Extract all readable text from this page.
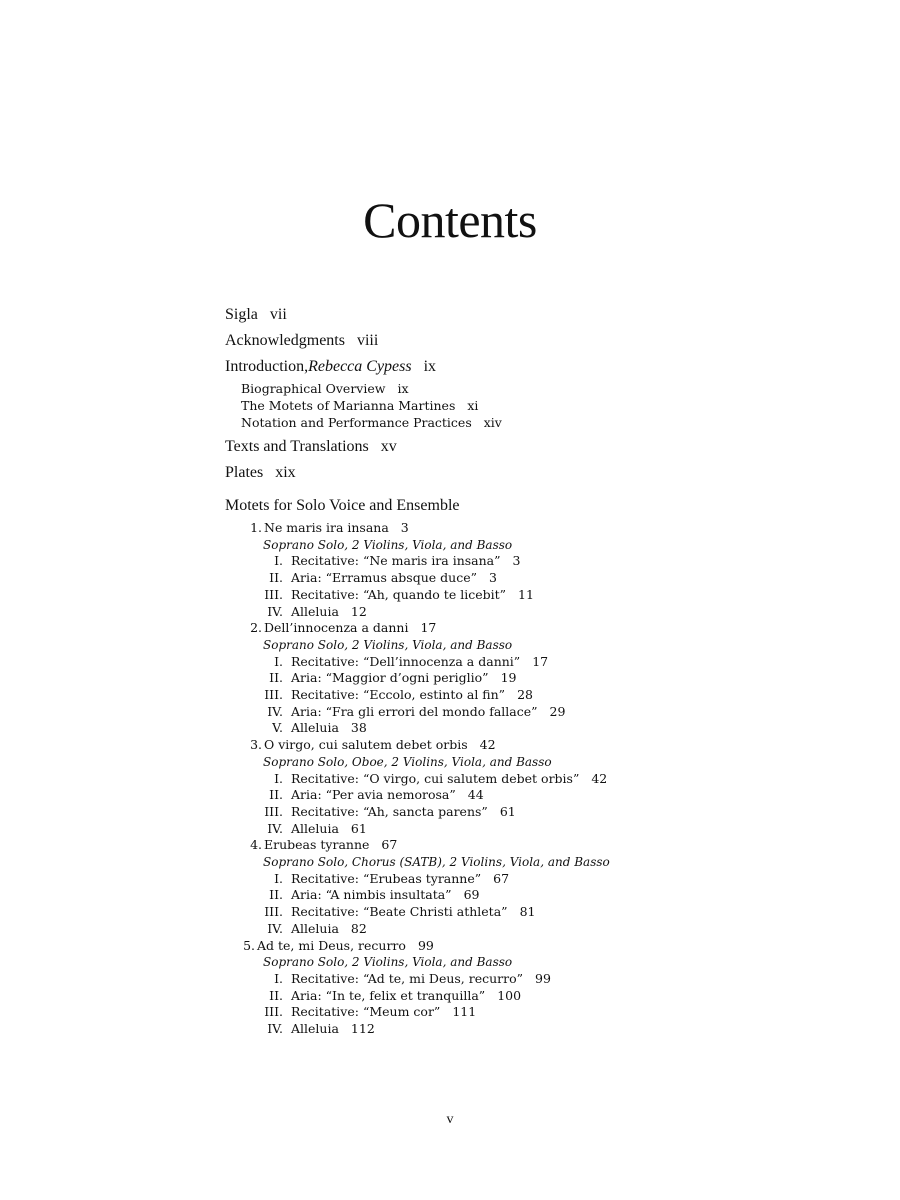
Contents
Sigla vii
Acknowledgments viii
Introduction,Rebecca Cypess ix
Biographical Overview ix
The Motets of Marianna Martines xi
Notation and Performance Practices xiv
Texts and Translations xv
Plates xix
Motets for Solo Voice and Ensemble
1. Ne maris ira insana 3
Soprano Solo, 2 Violins, Viola, and Basso
I. Recitative: “Ne maris ira insana” 3
II. Aria: “Erramus absque duce” 3
III. Recitative: “Ah, quando te licebit” 11
IV. Alleluia 12
2. Dell’innocenza a danni 17
Soprano Solo, 2 Violins, Viola, and Basso
I. Recitative: “Dell’innocenza a danni” 17
II. Aria: “Maggior d’ogni periglio” 19
III. Recitative: “Eccolo, estinto al fin” 28
IV. Aria: “Fra gli errori del mondo fallace” 29
V. Alleluia 38
3. O virgo, cui salutem debet orbis 42
Soprano Solo, Oboe, 2 Violins, Viola, and Basso
I. Recitative: “O virgo, cui salutem debet orbis” 42
II. Aria: “Per avia nemorosa” 44
III. Recitative: “Ah, sancta parens” 61
IV. Alleluia 61
4. Erubeas tyranne 67
Soprano Solo, Chorus (SATB), 2 Violins, Viola, and Basso
I. Recitative: “Erubeas tyranne” 67
II. Aria: “A nimbis insultata” 69
III. Recitative: “Beate Christi athleta” 81
IV. Alleluia 82
5. Ad te, mi Deus, recurro 99
Soprano Solo, 2 Violins, Viola, and Basso
I. Recitative: “Ad te, mi Deus, recurro” 99
II. Aria: “In te, felix et tranquilla” 100
III. Recitative: “Meum cor” 111
IV. Alleluia 112
v
